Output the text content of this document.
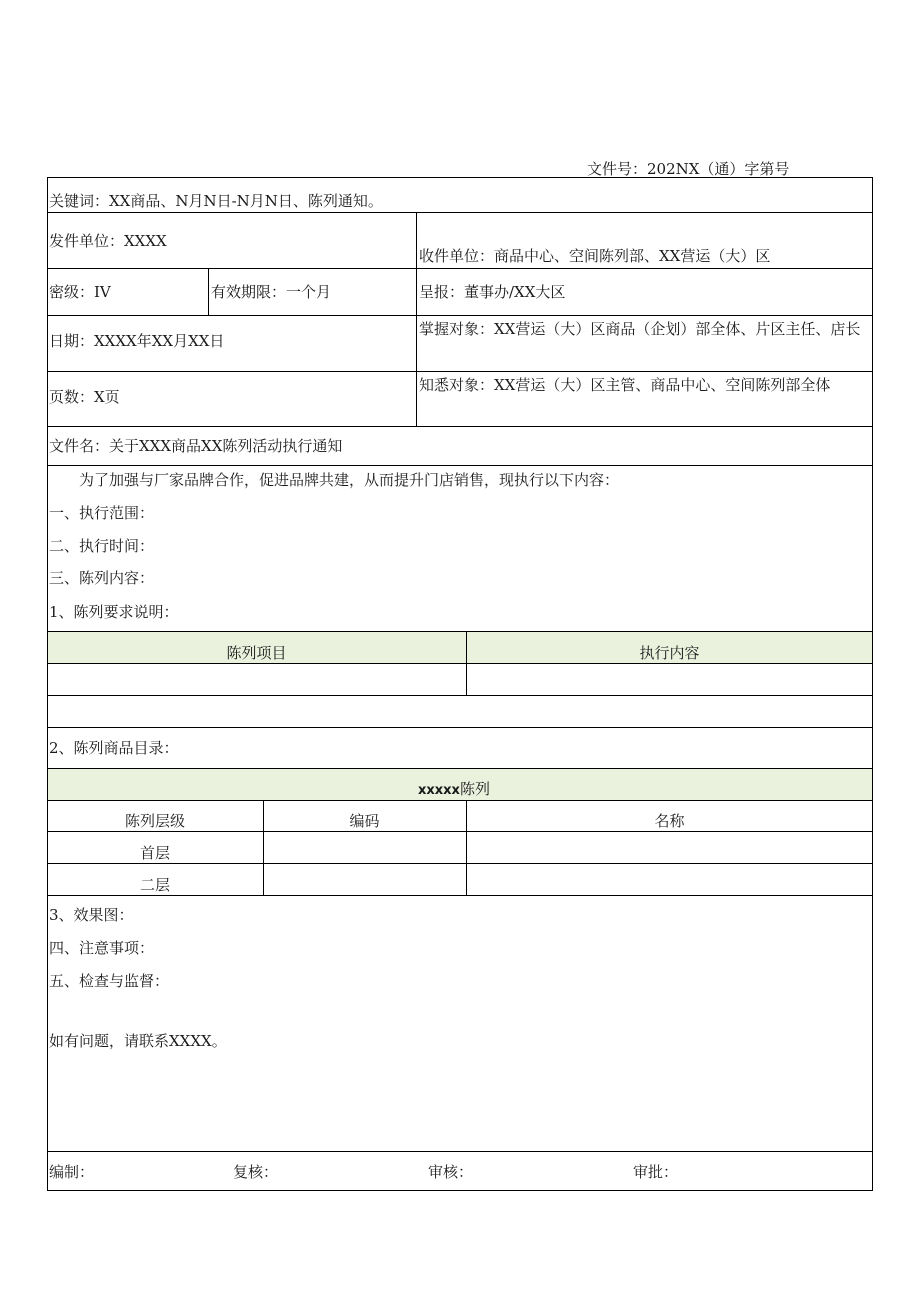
文件号：202NX（通）字第号
关键词：XX商品、N月N日-N月N日、陈列通知。
发件单位：XXXX
收件单位：商品中心、空间陈列部、XX营运（大）区
密级：IV	有效期限：一个月	呈报：董事办/XX大区
日期：XXXX年XX月XX日
掌握对象：XX营运（大）区商品（企划）部全体、片区主任、店长
页数：X页
知悉对象：XX营运（大）区主管、商品中心、空间陈列部全体
文件名：关于XXX商品XX陈列活动执行通知
为了加强与厂家品牌合作，促进品牌共建，从而提升门店销售，现执行以下内容：
一、执行范围：
二、执行时间：
三、陈列内容：
1、陈列要求说明：
陈列项目	执行内容
2、陈列商品目录：
xxxxx陈列
陈列层级	编码	名称
首层
二层
3、效果图：
四、注意事项：
五、检查与监督：
如有问题，请联系XXXX。
编制：	复核：	审核：	审批：
